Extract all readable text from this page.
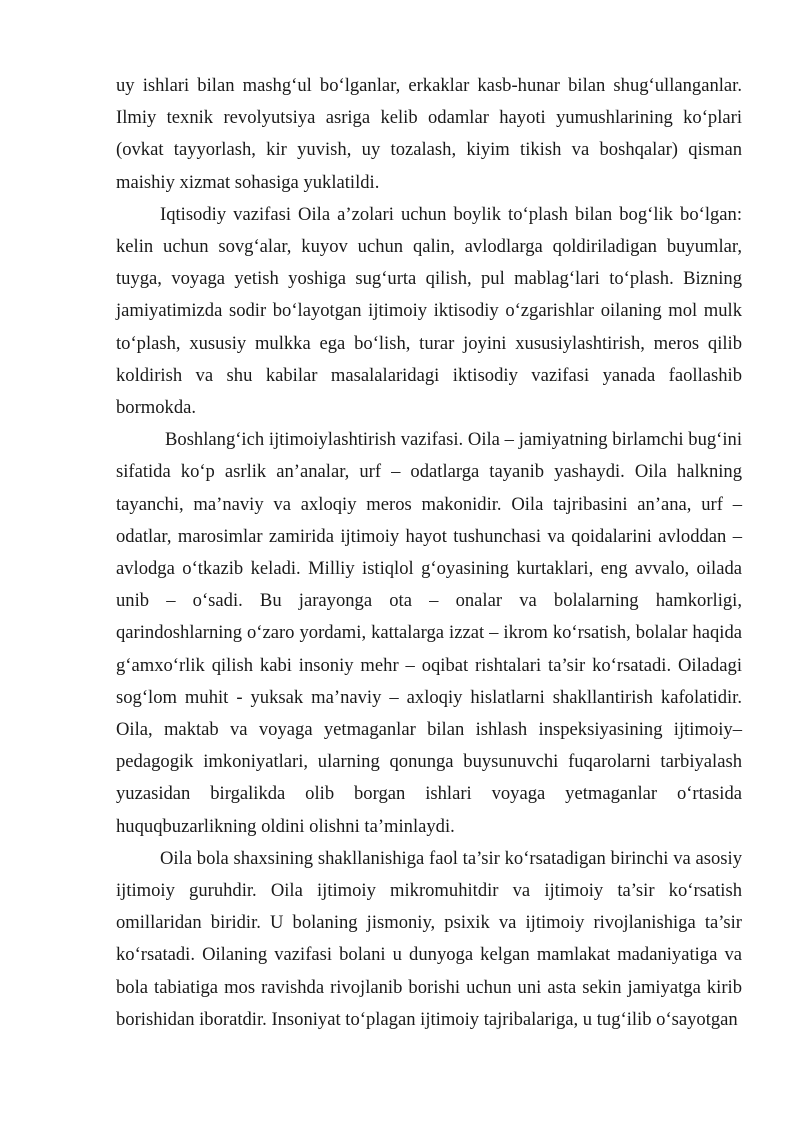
uy ishlari bilan mashg‘ul bo‘lganlar, erkaklar kasb-hunar bilan shug‘ullanganlar. Ilmiy texnik revolyutsiya asriga kelib odamlar hayoti yumushlarining ko‘plari (ovkat tayyorlash, kir yuvish, uy tozalash, kiyim tikish va boshqalar) qisman maishiy xizmat sohasiga yuklatildi.

Iqtisodiy vazifasi Oila a’zolari uchun boylik to‘plash bilan bog‘lik bo‘lgan: kelin uchun sovg‘alar, kuyov uchun qalin, avlodlarga qoldiriladigan buyumlar, tuyga, voyaga yetish yoshiga sug‘urta qilish, pul mablag‘lari to‘plash. Bizning jamiyatimizda sodir bo‘layotgan ijtimoiy iktisodiy o‘zgarishlar oilaning mol mulk to‘plash, xususiy mulkka ega bo‘lish, turar joyini xususiylashtirish, meros qilib koldirish va shu kabilar masalalaridagi iktisodiy vazifasi yanada faollashib bormokda.

Boshlang‘ich ijtimoiylashtirish vazifasi. Oila – jamiyatning birlamchi bug‘ini sifatida ko‘p asrlik an’analar, urf – odatlarga tayanib yashaydi. Oila halkning tayanchi, ma’naviy va axloqiy meros makonidir. Oila tajribasini an’ana, urf – odatlar, marosimlar zamirida ijtimoiy hayot tushunchasi va qoidalarini avloddan – avlodga o‘tkazib keladi. Milliy istiqlol g‘oyasining kurtaklari, eng avvalo, oilada unib – o‘sadi. Bu jarayonga ota – onalar va bolalarning hamkorligi, qarindoshlarning o‘zaro yordami, kattalarga izzat – ikrom ko‘rsatish, bolalar haqida g‘amxo‘rlik qilish kabi insoniy mehr – oqibat rishtalari ta’sir ko‘rsatadi. Oiladagi sog‘lom muhit - yuksak ma’naviy – axloqiy hislatlarni shakllantirish kafolatidir. Oila, maktab va voyaga yetmaganlar bilan ishlash inspeksiyasining ijtimoiy–pedagogik imkoniyatlari, ularning qonunga buysunuvchi fuqarolarni tarbiyalash yuzasidan birgalikda olib borgan ishlari voyaga yetmaganlar o‘rtasida huquqbuzarlikning oldini olishni ta’minlaydi.

Oila bola shaxsining shakllanishiga faol ta’sir ko‘rsatadigan birinchi va asosiy ijtimoiy guruhdir. Oila ijtimoiy mikromuhitdir va ijtimoiy ta’sir ko‘rsatish omillaridan biridir. U bolaning jismoniy, psixik va ijtimoiy rivojlanishiga ta’sir ko‘rsatadi. Oilaning vazifasi bolani u dunyoga kelgan mamlakat madaniyatiga va bola tabiatiga mos ravishda rivojlanib borishi uchun uni asta sekin jamiyatga kirib borishidan iboratdir. Insoniyat to‘plagan ijtimoiy tajribalariga, u tug‘ilib o‘sayotgan
